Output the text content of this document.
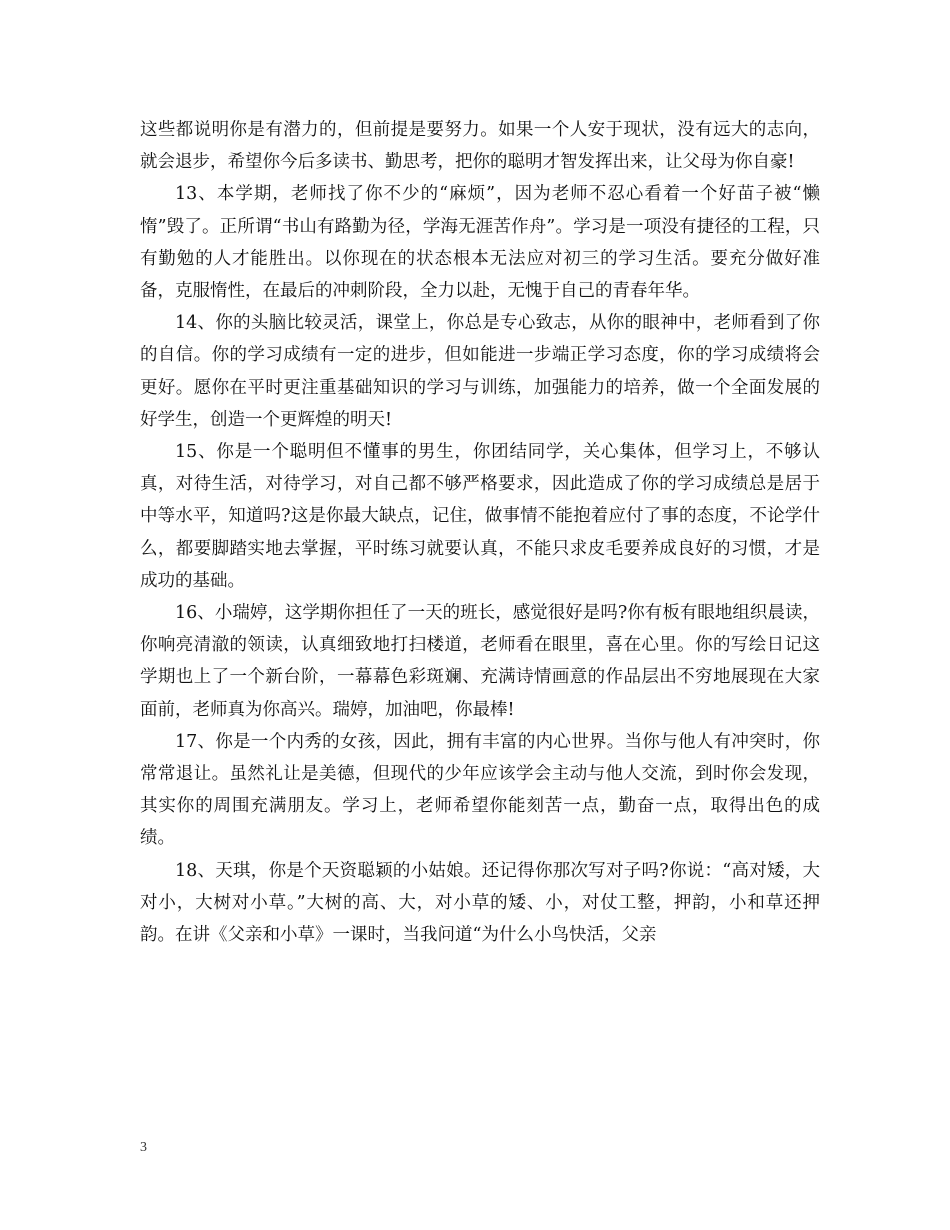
这些都说明你是有潜力的，但前提是要努力。如果一个人安于现状，没有远大的志向，就会退步，希望你今后多读书、勤思考，把你的聪明才智发挥出来，让父母为你自豪!

13、本学期，老师找了你不少的“麻烦”，因为老师不忍心看着一个好苗子被“懒惰”毁了。正所谓“书山有路勤为径，学海无涯苦作舟”。学习是一项没有捷径的工程，只有勤勉的人才能胜出。以你现在的状态根本无法应对初三的学习生活。要充分做好准备，克服惰性，在最后的冲刺阶段，全力以赴，无愧于自己的青春年华。

14、你的头脑比较灵活，课堂上，你总是专心致志，从你的眼神中，老师看到了你的自信。你的学习成绩有一定的进步，但如能进一步端正学习态度，你的学习成绩将会更好。愿你在平时更注重基础知识的学习与训练，加强能力的培养，做一个全面发展的好学生，创造一个更辉煌的明天!

15、你是一个聪明但不懂事的男生，你团结同学，关心集体，但学习上，不够认真，对待生活，对待学习，对自己都不够严格要求，因此造成了你的学习成绩总是居于中等水平，知道吗?这是你最大缺点，记住，做事情不能抱着应付了事的态度，不论学什么，都要脚踏实地去掌握，平时练习就要认真，不能只求皮毛要养成良好的习惯，才是成功的基础。

16、小瑞婷，这学期你担任了一天的班长，感觉很好是吗?你有板有眼地组织晨读，你响亮清澈的领读，认真细致地打扫楼道，老师看在眼里，喜在心里。你的写绘日记这学期也上了一个新台阶，一幕幕色彩斑斓、充满诗情画意的作品层出不穷地展现在大家面前，老师真为你高兴。瑞婷，加油吧，你最棒!

17、你是一个内秀的女孩，因此，拥有丰富的内心世界。当你与他人有冲突时，你常常退让。虽然礼让是美德，但现代的少年应该学会主动与他人交流，到时你会发现，其实你的周围充满朋友。学习上，老师希望你能刻苦一点，勤奋一点，取得出色的成绩。

18、天琪，你是个天资聪颖的小姑娘。还记得你那次写对子吗?你说：“高对矮，大对小，大树对小草。”大树的高、大，对小草的矮、小，对仗工整，押韵，小和草还押韵。在讲《父亲和小草》一课时，当我问道“为什么小鸟快活，父亲

3
